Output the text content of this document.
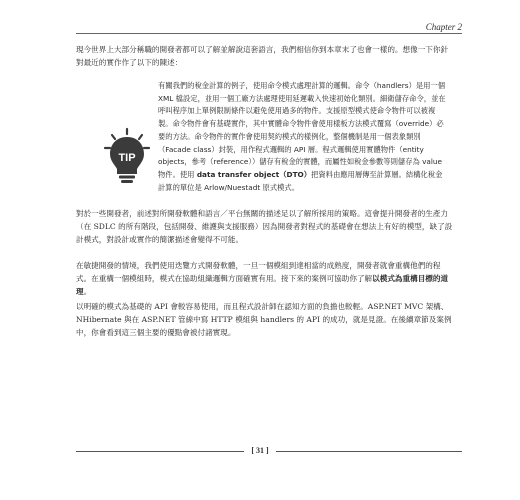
Chapter 2

現今世界上大部分稱職的開發者都可以了解並解說這套語言，我們相信你到本章末了也會一樣的。想像一下你針對最近的實作作了以下的陳述：

TIP

有關我們的稅金計算的例子，使用命令模式處理計算的邏輯。命令（handlers）是用一個 XML 檔設定，並用一個工廠方法處理使用延遲載入快速初始化類別。細衛儲存命令，並在呼叫程序加上單例限制條件以避免使用過多的物件。支援原型模式使命令物件可以被複製。命令物件會有基礎實作，其中實體命令物件會使用樣板方法模式覆寫（override）必要的方法。命令物件的實作會使用契約模式的樣例化，整個機制是用一個表象類別（Facade class）封裝，用作程式邏輯的 API 層。程式邏輯使用實體物件（entity objects，參考（reference））儲存有稅金的實體，而屬性如稅金參數等則儲存為 value 物件。使用 data transfer object（DTO）把資料由應用層傳至計算層。結構化稅金計算的單位是 Arlow/Nuestadt 原式模式。

對於一些開發者，前述對所開發軟體和語言／平台無關的描述足以了解所採用的策略。這會提升開發者的生產力（在 SDLC 的所有階段，包括開發、維護與支援服務）因為開發者對程式的基礎會在想法上有好的模型，缺了設計模式，對設計或實作的簡潔描述會變得不可能。

在敏捷開發的情境，我們使用迭覽方式開發軟體，一旦一個模組到達相當的成熟度，開發者就會重構他們的程式。在重構一個模組時，模式在協助組織邏輯方面確實有用。接下來的案例可協助你了解以模式為重構目標的道理。

以明確的模式為基礎的 API 會較容易使用，而且程式設計師在認知方面的負擔也較輕。ASP.NET MVC 架構、NHibernate 與在 ASP.NET 管線中寫 HTTP 模組與 handlers 的 API 的成功，就是見證。在後續章節及案例中，你會看到這三個主要的優點會被付諸實現。

[ 31 ]
